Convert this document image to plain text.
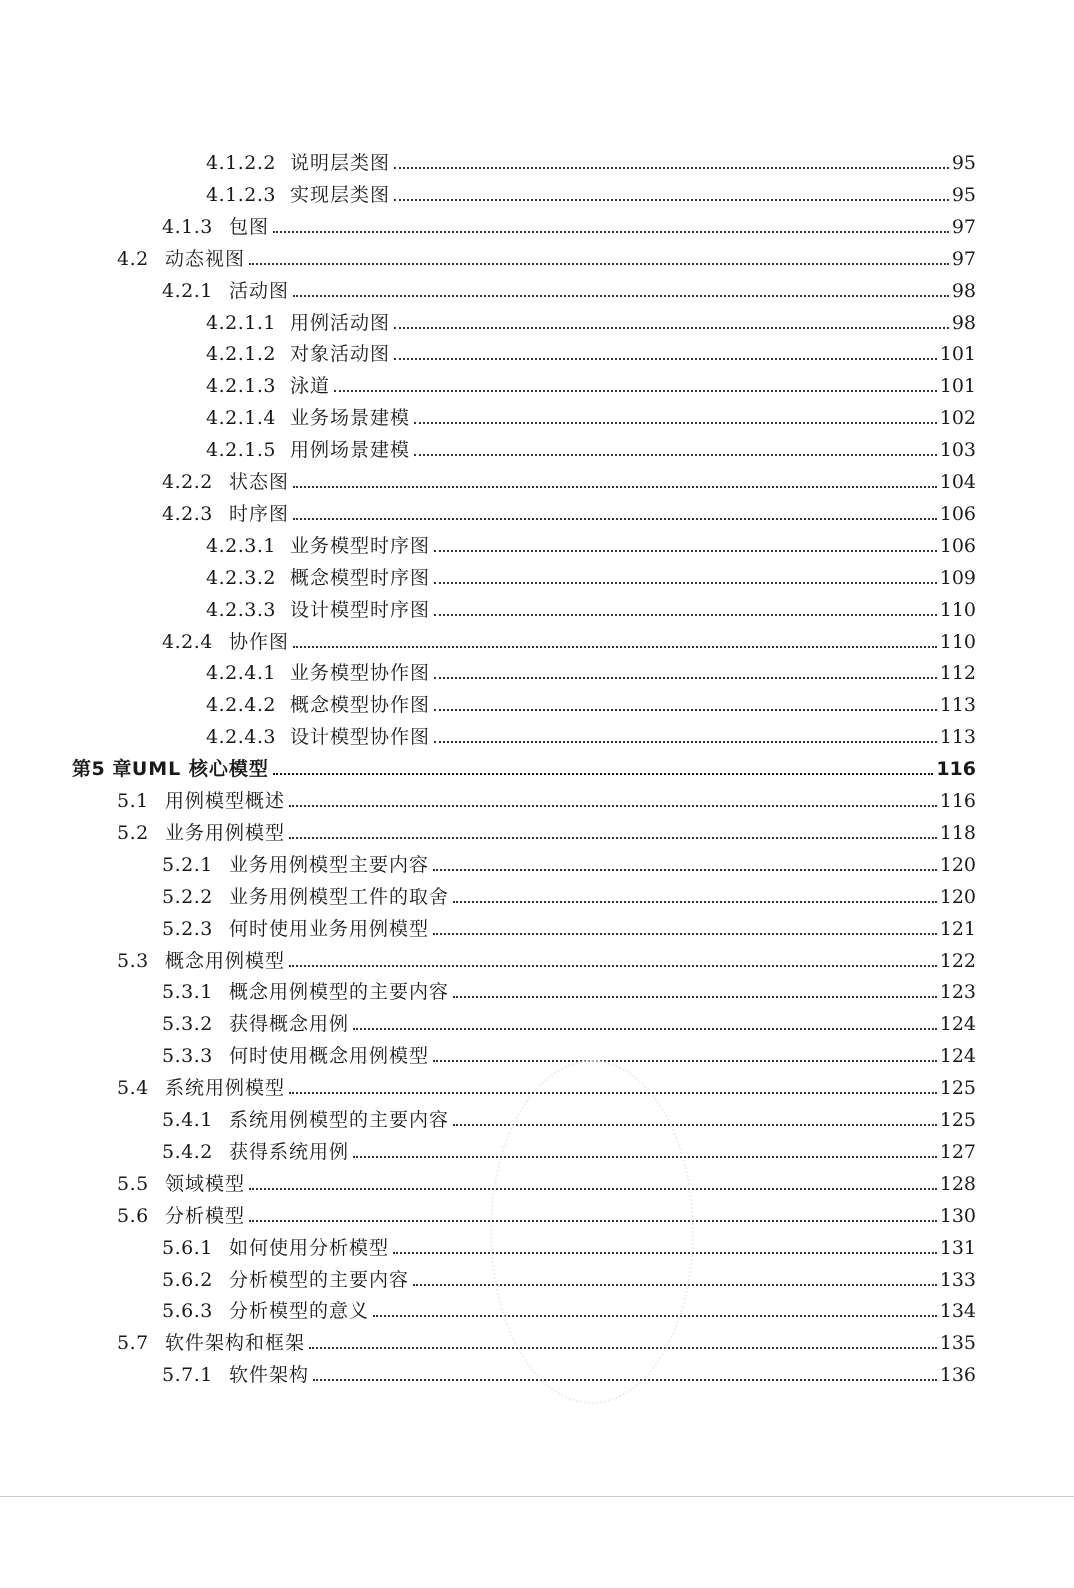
4.1.2.2 说明层类图	95
4.1.2.3 实现层类图	95
4.1.3 包图	97
4.2 动态视图	97
4.2.1 活动图	98
4.2.1.1 用例活动图	98
4.2.1.2 对象活动图	101
4.2.1.3 泳道	101
4.2.1.4 业务场景建模	102
4.2.1.5 用例场景建模	103
4.2.2 状态图	104
4.2.3 时序图	106
4.2.3.1 业务模型时序图	106
4.2.3.2 概念模型时序图	109
4.2.3.3 设计模型时序图	110
4.2.4 协作图	110
4.2.4.1 业务模型协作图	112
4.2.4.2 概念模型协作图	113
4.2.4.3 设计模型协作图	113
第5 章 UML 核心模型	116
5.1 用例模型概述	116
5.2 业务用例模型	118
5.2.1 业务用例模型主要内容	120
5.2.2 业务用例模型工件的取舍	120
5.2.3 何时使用业务用例模型	121
5.3 概念用例模型	122
5.3.1 概念用例模型的主要内容	123
5.3.2 获得概念用例	124
5.3.3 何时使用概念用例模型	124
5.4 系统用例模型	125
5.4.1 系统用例模型的主要内容	125
5.4.2 获得系统用例	127
5.5 领域模型	128
5.6 分析模型	130
5.6.1 如何使用分析模型	131
5.6.2 分析模型的主要内容	133
5.6.3 分析模型的意义	134
5.7 软件架构和框架	135
5.7.1 软件架构	136
